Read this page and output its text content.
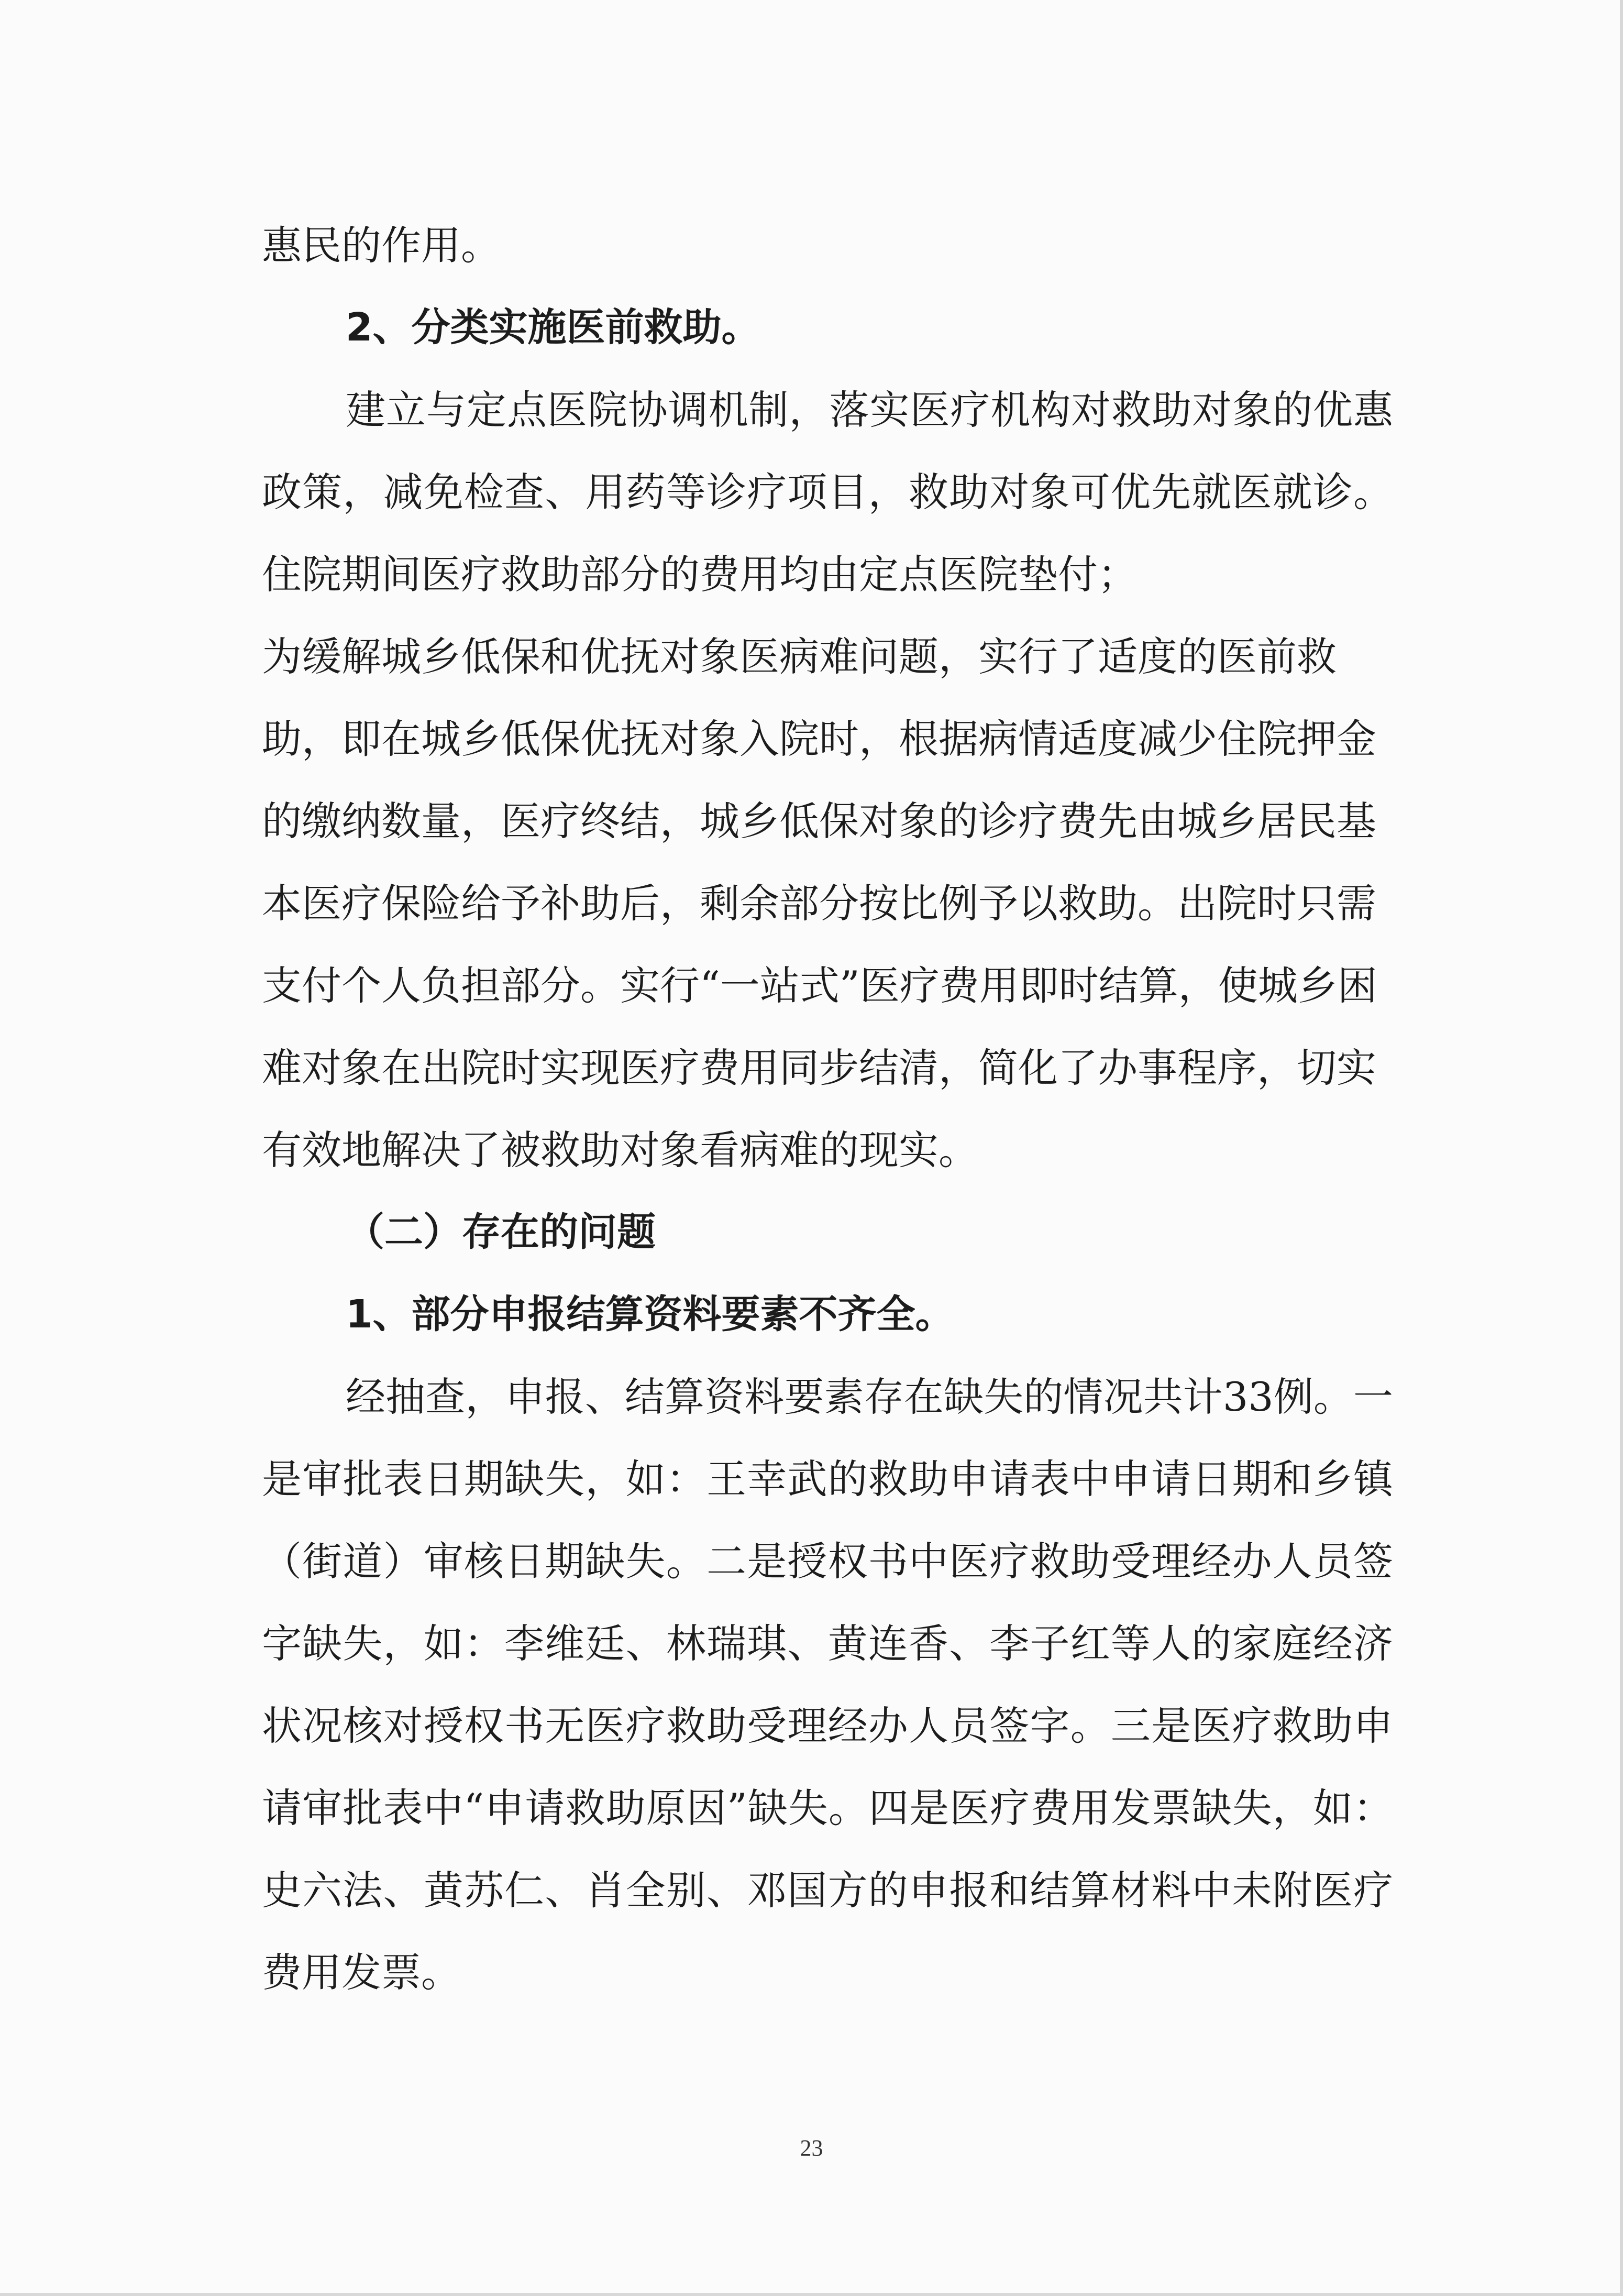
惠民的作用。

2、分类实施医前救助。

建立与定点医院协调机制，落实医疗机构对救助对象的优惠政策，减免检查、用药等诊疗项目，救助对象可优先就医就诊。住院期间医疗救助部分的费用均由定点医院垫付；

为缓解城乡低保和优抚对象医病难问题，实行了适度的医前救助，即在城乡低保优抚对象入院时，根据病情适度减少住院押金的缴纳数量，医疗终结，城乡低保对象的诊疗费先由城乡居民基本医疗保险给予补助后，剩余部分按比例予以救助。出院时只需支付个人负担部分。实行“一站式”医疗费用即时结算，使城乡困难对象在出院时实现医疗费用同步结清，简化了办事程序，切实有效地解决了被救助对象看病难的现实。

（二）存在的问题

1、部分申报结算资料要素不齐全。

经抽查，申报、结算资料要素存在缺失的情况共计33例。一是审批表日期缺失，如：王幸武的救助申请表中申请日期和乡镇（街道）审核日期缺失。二是授权书中医疗救助受理经办人员签字缺失，如：李维廷、林瑞琪、黄连香、李子红等人的家庭经济状况核对授权书无医疗救助受理经办人员签字。三是医疗救助申请审批表中“申请救助原因”缺失。四是医疗费用发票缺失，如：史六法、黄苏仁、肖全别、邓国方的申报和结算材料中未附医疗费用发票。

23
